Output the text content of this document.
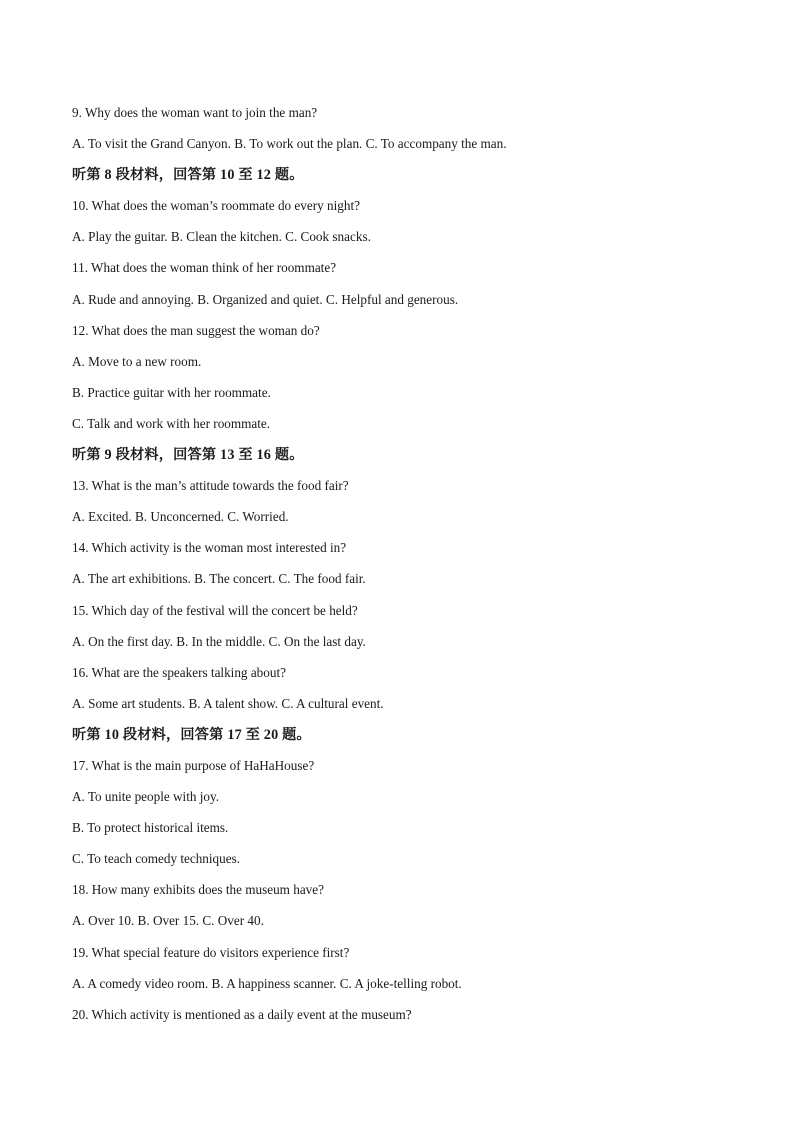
9. Why does the woman want to join the man?
A. To visit the Grand Canyon. B. To work out the plan. C. To accompany the man.
听第 8 段材料，回答第 10 至 12 题。
10. What does the woman’s roommate do every night?
A. Play the guitar. B. Clean the kitchen. C. Cook snacks.
11. What does the woman think of her roommate?
A. Rude and annoying. B. Organized and quiet. C. Helpful and generous.
12. What does the man suggest the woman do?
A. Move to a new room.
B. Practice guitar with her roommate.
C. Talk and work with her roommate.
听第 9 段材料，回答第 13 至 16 题。
13. What is the man’s attitude towards the food fair?
A. Excited. B. Unconcerned. C. Worried.
14. Which activity is the woman most interested in?
A. The art exhibitions. B. The concert. C. The food fair.
15. Which day of the festival will the concert be held?
A. On the first day. B. In the middle. C. On the last day.
16. What are the speakers talking about?
A. Some art students. B. A talent show. C. A cultural event.
听第 10 段材料，回答第 17 至 20 题。
17. What is the main purpose of HaHaHouse?
A. To unite people with joy.
B. To protect historical items.
C. To teach comedy techniques.
18. How many exhibits does the museum have?
A. Over 10. B. Over 15. C. Over 40.
19. What special feature do visitors experience first?
A. A comedy video room. B. A happiness scanner. C. A joke-telling robot.
20. Which activity is mentioned as a daily event at the museum?
